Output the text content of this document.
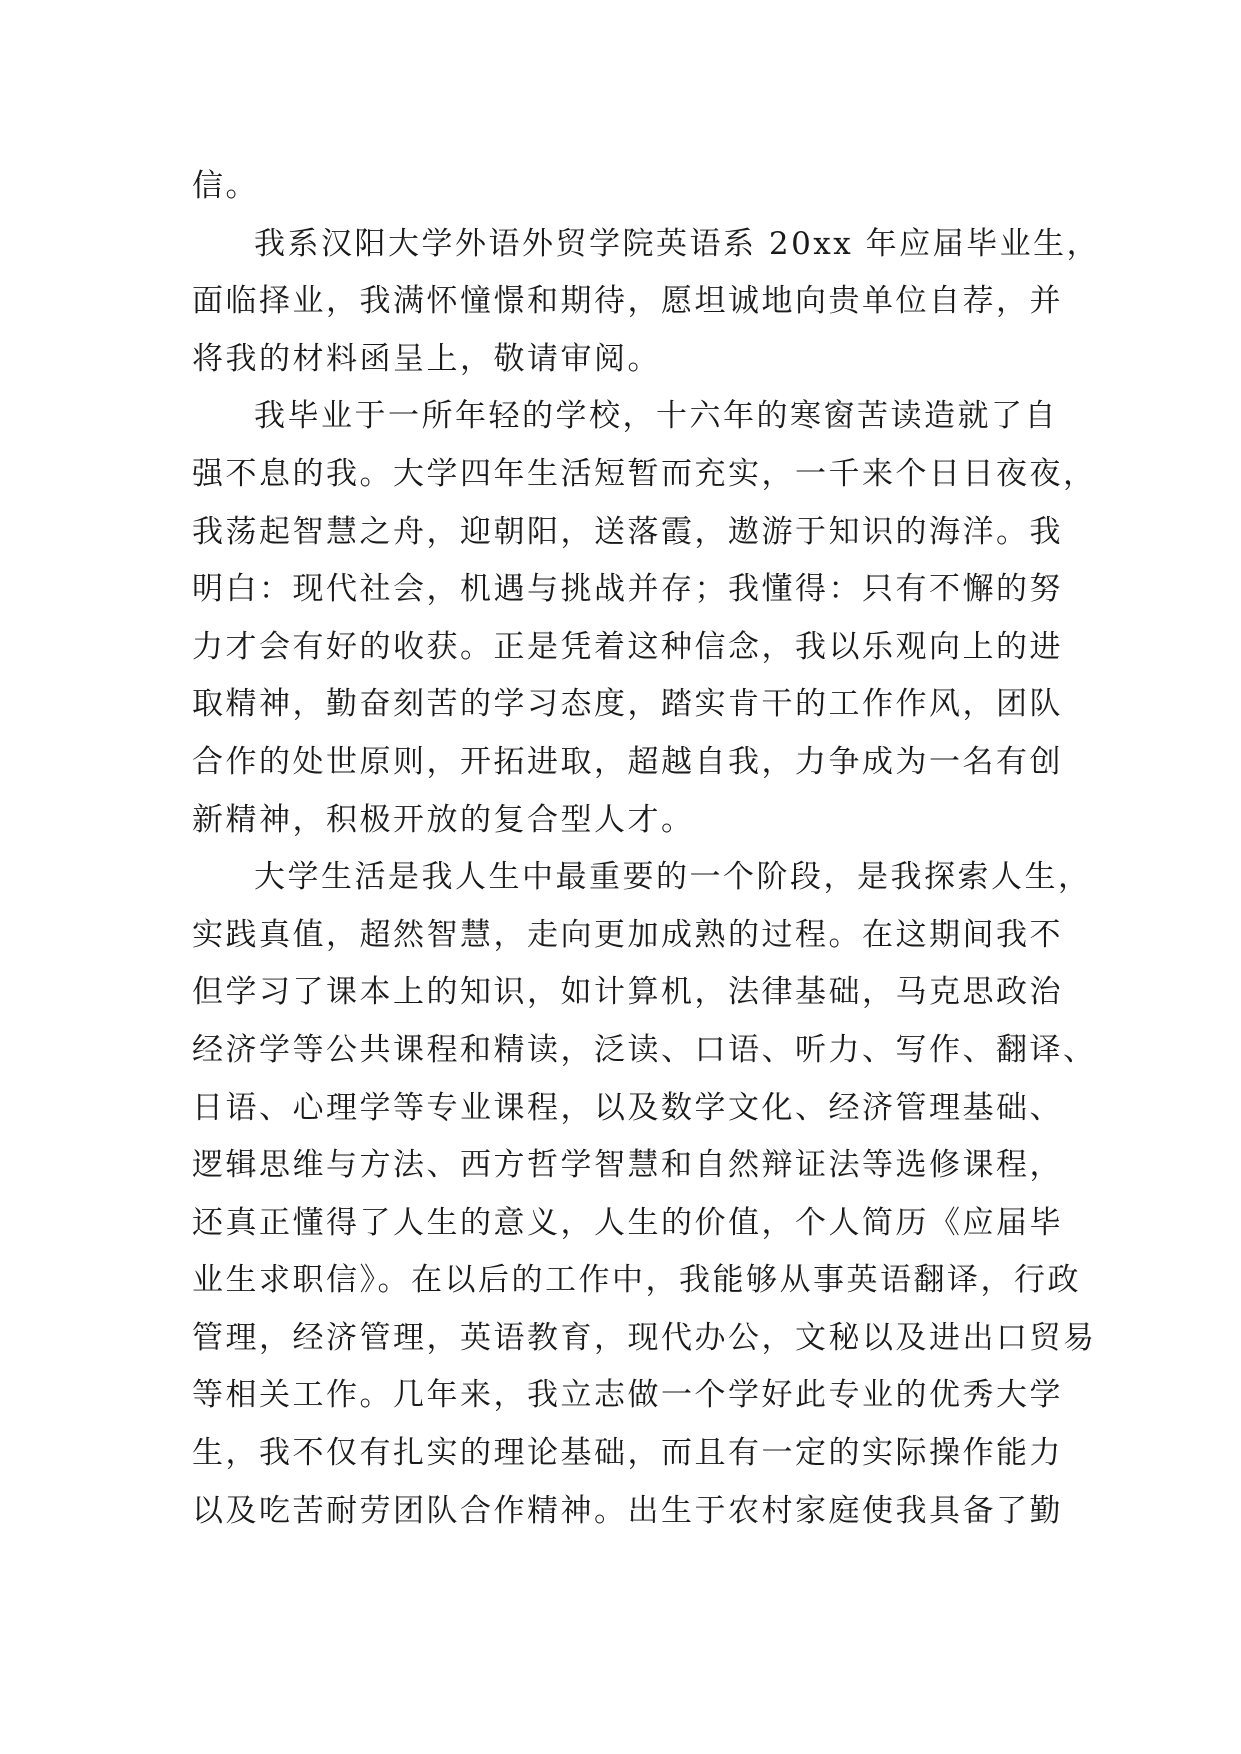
信。
我系汉阳大学外语外贸学院英语系 20xx 年应届毕业生，
面临择业，我满怀憧憬和期待，愿坦诚地向贵单位自荐，并
将我的材料函呈上，敬请审阅。
我毕业于一所年轻的学校，十六年的寒窗苦读造就了自
强不息的我。大学四年生活短暂而充实，一千来个日日夜夜，
我荡起智慧之舟，迎朝阳，送落霞，遨游于知识的海洋。我
明白：现代社会，机遇与挑战并存；我懂得：只有不懈的努
力才会有好的收获。正是凭着这种信念，我以乐观向上的进
取精神，勤奋刻苦的学习态度，踏实肯干的工作作风，团队
合作的处世原则，开拓进取，超越自我，力争成为一名有创
新精神，积极开放的复合型人才。
大学生活是我人生中最重要的一个阶段，是我探索人生，
实践真值，超然智慧，走向更加成熟的过程。在这期间我不
但学习了课本上的知识，如计算机，法律基础，马克思政治
经济学等公共课程和精读，泛读、口语、听力、写作、翻译、
日语、心理学等专业课程，以及数学文化、经济管理基础、
逻辑思维与方法、西方哲学智慧和自然辩证法等选修课程，
还真正懂得了人生的意义，人生的价值，个人简历《应届毕
业生求职信》。在以后的工作中，我能够从事英语翻译，行政
管理，经济管理，英语教育，现代办公，文秘以及进出口贸易
等相关工作。几年来，我立志做一个学好此专业的优秀大学
生，我不仅有扎实的理论基础，而且有一定的实际操作能力
以及吃苦耐劳团队合作精神。出生于农村家庭使我具备了勤
